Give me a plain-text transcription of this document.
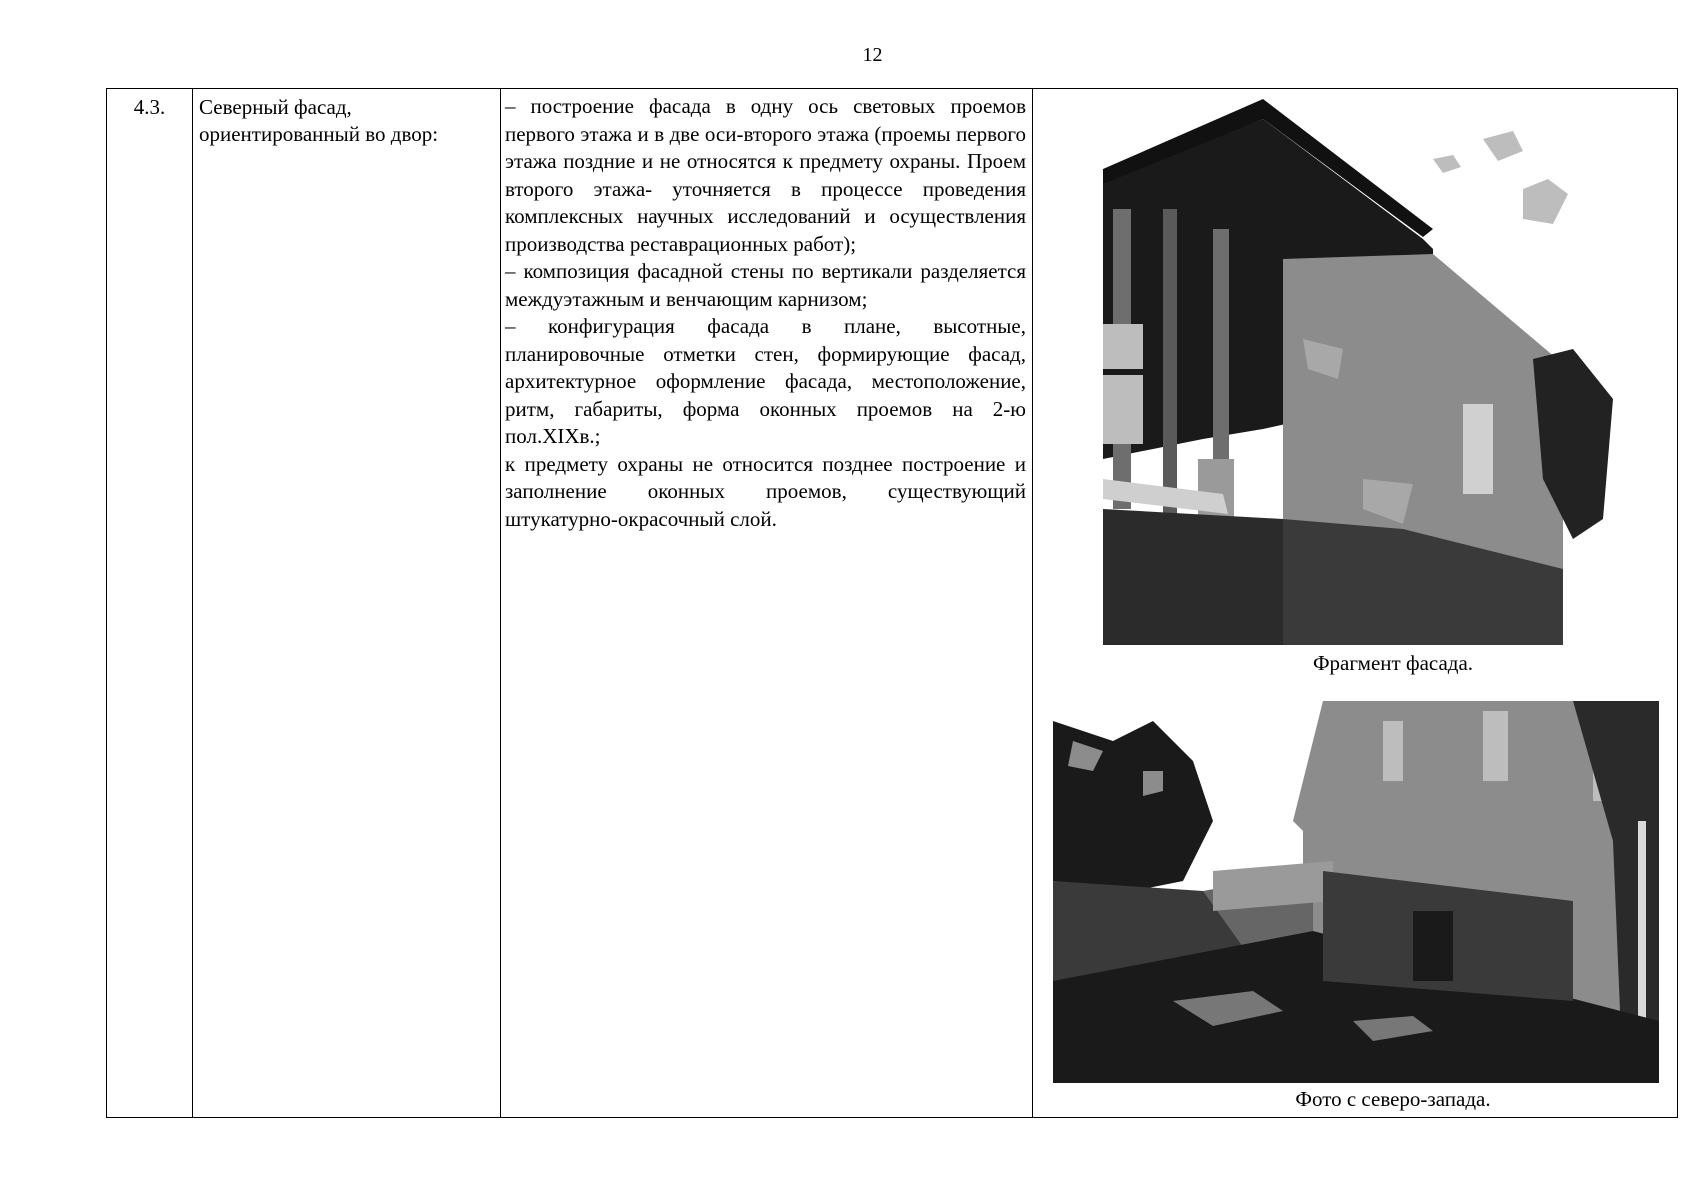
12
4.3.	Северный фасад, ориентированный во двор:

– построение фасада в одну ось световых проемов первого этажа и в две оси-второго этажа (проемы первого этажа поздние и не относятся к предмету охраны. Проем второго этажа- уточняется в процессе проведения комплексных научных исследований и осуществления производства реставрационных работ);

– композиция фасадной стены по вертикали разделяется междуэтажным и венчающим карнизом;

– конфигурация фасада в плане, высотные, планировочные отметки стен, формирующие фасад, архитектурное оформление фасада, местоположение, ритм, габариты, форма оконных проемов на 2-ю пол.XIXв.;

к предмету охраны не относится позднее построение и заполнение оконных проемов, существующий штукатурно-окрасочный слой.

Фрагмент фасада.
Фото с северо-запада.
